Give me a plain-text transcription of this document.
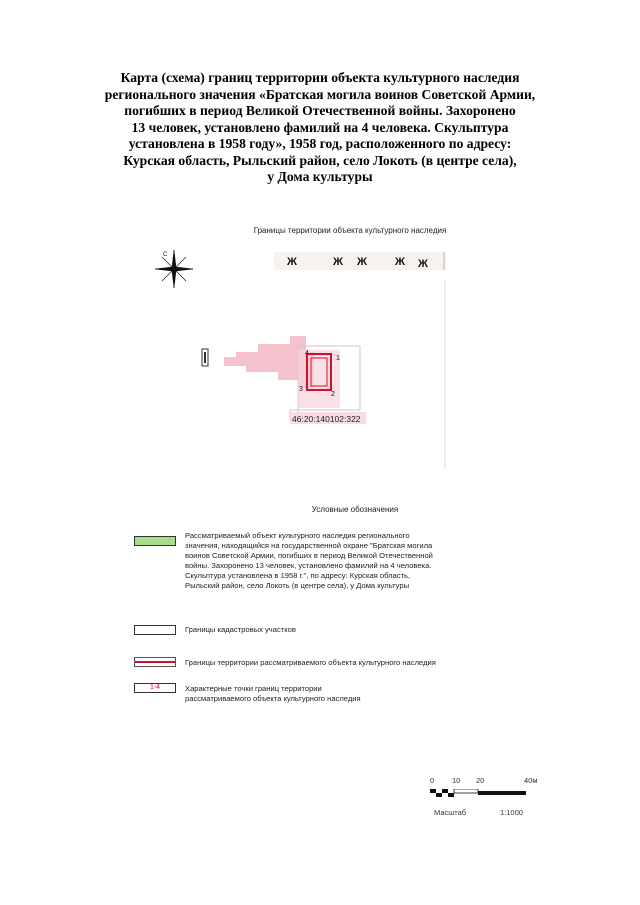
Карта (схема) границ территории объекта культурного наследия
регионального значения «Братская могила воинов Советской Армии,
погибших в период Великой Отечественной войны. Захоронено
13 человек, установлено фамилий на 4 человека. Скульптура
установлена в 1958 году», 1958 год, расположенного по адресу:
Курская область, Рыльский район, село Локоть (в центре села),
у Дома культуры
Границы территории объекта культурного наследия
С
Ж	Ж Ж	Ж Ж
1
2
3
4
46:20:140102:322
Условные обозначения
Рассматриваемый объект культурного наследия регионального
значения, находящийся на государственной охране "Братская могила
воинов Советской Армии, погибших в период Великой Отечественной
войны. Захоронено 13 человек, установлено фамилий на 4 человека.
Скульптура установлена в 1958 г.", по адресу: Курская область,
Рыльский район, село Локоть (в центре села), у Дома культуры
Границы кадастровых участков
Границы территории рассматриваемого объекта культурного наследия
1-4	Характерные точки границ территории
рассматриваемого объекта культурного наследия
0 10 20	40м
Масштаб	1:1000
